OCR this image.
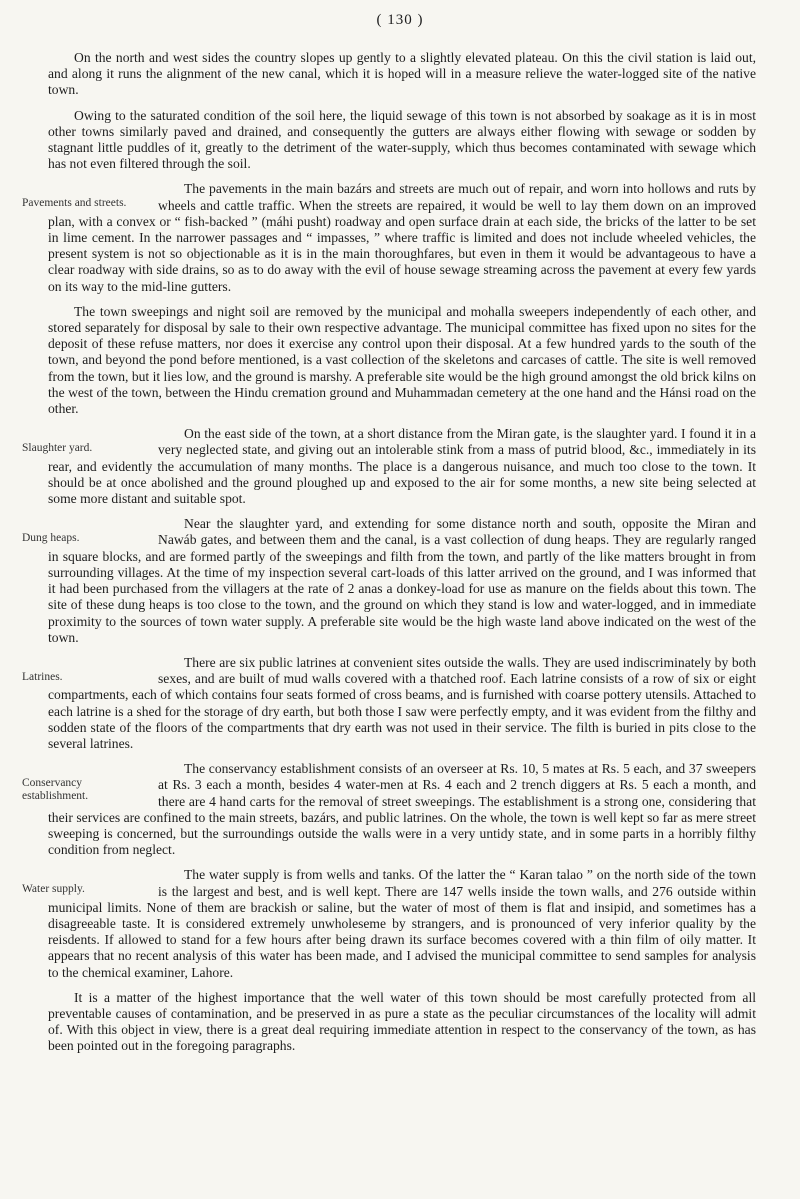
( 130 )

On the north and west sides the country slopes up gently to a slightly elevated plateau. On this the civil station is laid out, and along it runs the alignment of the new canal, which it is hoped will in a measure relieve the water-logged site of the native town.

Owing to the saturated condition of the soil here, the liquid sewage of this town is not absorbed by soakage as it is in most other towns similarly paved and drained, and consequently the gutters are always either flowing with sewage or sodden by stagnant little puddles of it, greatly to the detriment of the water-supply, which thus becomes contaminated with sewage which has not even filtered through the soil.

Pavements and streets.
The pavements in the main bazárs and streets are much out of repair, and worn into hollows and ruts by wheels and cattle traffic. When the streets are repaired, it would be well to lay them down on an improved plan, with a convex or “ fish-backed ” (máhi pusht) roadway and open surface drain at each side, the bricks of the latter to be set in lime cement. In the narrower passages and “ impasses, ” where traffic is limited and does not include wheeled vehicles, the present system is not so objectionable as it is in the main thoroughfares, but even in them it would be advantageous to have a clear roadway with side drains, so as to do away with the evil of house sewage streaming across the pavement at every few yards on its way to the mid-line gutters.

The town sweepings and night soil are removed by the municipal and mohalla sweepers independently of each other, and stored separately for disposal by sale to their own respective advantage. The municipal committee has fixed upon no sites for the deposit of these refuse matters, nor does it exercise any control upon their disposal. At a few hundred yards to the south of the town, and beyond the pond before mentioned, is a vast collection of the skeletons and carcases of cattle. The site is well removed from the town, but it lies low, and the ground is marshy. A preferable site would be the high ground amongst the old brick kilns on the west of the town, between the Hindu cremation ground and Muhammadan cemetery at the one hand and the Hánsi road on the other.

Slaughter yard.
On the east side of the town, at a short distance from the Miran gate, is the slaughter yard. I found it in a very neglected state, and giving out an intolerable stink from a mass of putrid blood, &c., immediately in its rear, and evidently the accumulation of many months. The place is a dangerous nuisance, and much too close to the town. It should be at once abolished and the ground ploughed up and exposed to the air for some months, a new site being selected at some more distant and suitable spot.

Dung heaps.
Near the slaughter yard, and extending for some distance north and south, opposite the Miran and Nawáb gates, and between them and the canal, is a vast collection of dung heaps. They are regularly ranged in square blocks, and are formed partly of the sweepings and filth from the town, and partly of the like matters brought in from surrounding villages. At the time of my inspection several cart-loads of this latter arrived on the ground, and I was informed that it had been purchased from the villagers at the rate of 2 anas a donkey-load for use as manure on the fields about this town. The site of these dung heaps is too close to the town, and the ground on which they stand is low and water-logged, and in immediate proximity to the sources of town water supply. A preferable site would be the high waste land above indicated on the west of the town.

Latrines.
There are six public latrines at convenient sites outside the walls. They are used indiscriminately by both sexes, and are built of mud walls covered with a thatched roof. Each latrine consists of a row of six or eight compartments, each of which contains four seats formed of cross beams, and is furnished with coarse pottery utensils. Attached to each latrine is a shed for the storage of dry earth, but both those I saw were perfectly empty, and it was evident from the filthy and sodden state of the floors of the compartments that dry earth was not used in their service. The filth is buried in pits close to the several latrines.

Conservancy establishment.
The conservancy establishment consists of an overseer at Rs. 10, 5 mates at Rs. 5 each, and 37 sweepers at Rs. 3 each a month, besides 4 water-men at Rs. 4 each and 2 trench diggers at Rs. 5 each a month, and there are 4 hand carts for the removal of street sweepings. The establishment is a strong one, considering that their services are confined to the main streets, bazárs, and public latrines. On the whole, the town is well kept so far as mere street sweeping is concerned, but the surroundings outside the walls were in a very untidy state, and in some parts in a horribly filthy condition from neglect.

Water supply.
The water supply is from wells and tanks. Of the latter the “ Karan talao ” on the north side of the town is the largest and best, and is well kept. There are 147 wells inside the town walls, and 276 outside within municipal limits. None of them are brackish or saline, but the water of most of them is flat and insipid, and sometimes has a disagreeable taste. It is considered extremely unwholeseme by strangers, and is pronounced of very inferior quality by the reisdents. If allowed to stand for a few hours after being drawn its surface becomes covered with a thin film of oily matter. It appears that no recent analysis of this water has been made, and I advised the municipal committee to send samples for analysis to the chemical examiner, Lahore.

It is a matter of the highest importance that the well water of this town should be most carefully protected from all preventable causes of contamination, and be preserved in as pure a state as the peculiar circumstances of the locality will admit of. With this object in view, there is a great deal requiring immediate attention in respect to the conservancy of the town, as has been pointed out in the foregoing paragraphs.
